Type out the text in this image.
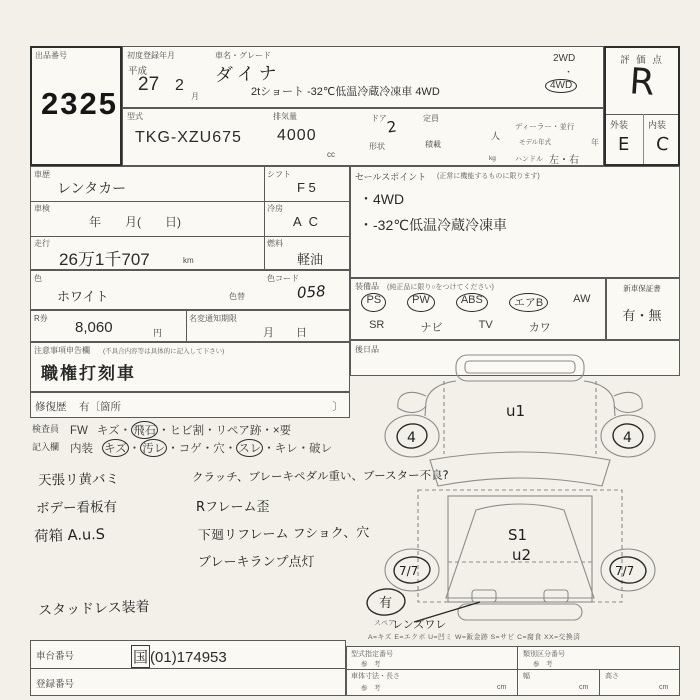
出品番号
2325
初度登録年月	車名・グレード
平成
27 2
月
ダイナ
2tショート -32℃低温冷蔵冷凍車 4WD
2WD
・
4WD
型式
TKG-XZU675
排気量
4000
cc
ドア 2
形状
定員
人
積載
kg
ディーラー・並行
モデル年式	年
ハンドル 左・右
評 価 点
R
外装 内装
E C
車歴
レンタカー
シフト
F 5
車検
年　　月(　　日)
冷房
A C
走行
26万1千707	km
燃料
軽油
色
ホワイト	色替
色コード
058
R券
8,060	円
名変通知期限
月　　日
注意事項申告欄 (不具合内容等は具体的に記入して下さい)
職権打刻車
修復歴 有〔箇所	〕
セールスポイント (正常に機能するものに限ります)
・4WD
・-32℃低温冷蔵冷凍車
装備品 (純正品に限り○をつけてください)
PS	PW	ABS	エアB	AW
SR	ナビ	TV	カワ
新車保証書
有・無
後日品
検査員
記入欄
FW  キズ・ 飛石 ・ヒビ割・リペア跡・×要
内装  キズ ・ 汚レ ・コゲ・穴・ スレ ・キレ・破レ
天張リ黄バミ
ボデー看板有
荷箱 A.u.S
クラッチ、ブレーキペダル重い、ブースター不良?
Rフレーム歪
下廻リフレーム フショク、穴
ブレーキランプ点灯
スタッドレス装着
車台番号	国 (01)174953
登録番号
u1
4	4
S1
u2
7/7	7/7
有
スペア
レンズワレ
A=キズ E=エクボ U=凹ミ W=鈑金跡 S=サビ C=腐食 XX=交換済
型式指定番号
参　考
類別区分番号
参　考
車体寸法・長さ
参　考	cm
幅
cm
高さ
cm
